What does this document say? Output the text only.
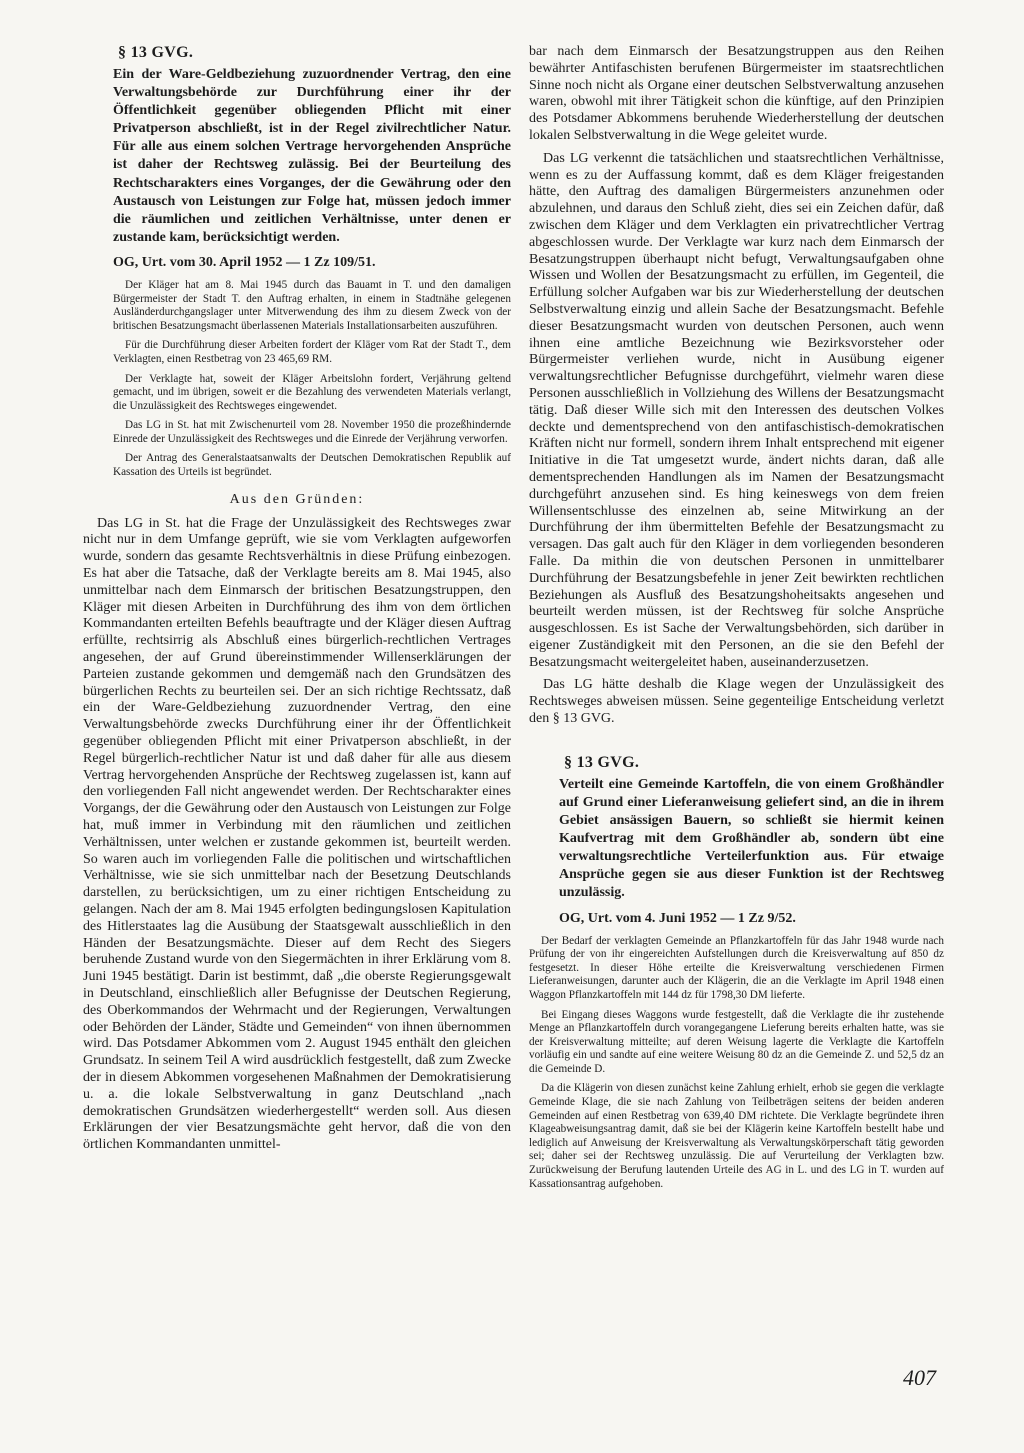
§ 13 GVG.
Ein der Ware-Geldbeziehung zuzuordnender Vertrag, den eine Verwaltungsbehörde zur Durchführung einer ihr der Öffentlichkeit gegenüber obliegenden Pflicht mit einer Privatperson abschließt, ist in der Regel zivilrechtlicher Natur. Für alle aus einem solchen Vertrage hervorgehenden Ansprüche ist daher der Rechtsweg zulässig. Bei der Beurteilung des Rechtscharakters eines Vorganges, der die Gewährung oder den Austausch von Leistungen zur Folge hat, müssen jedoch immer die räumlichen und zeitlichen Verhältnisse, unter denen er zustande kam, berücksichtigt werden.
OG, Urt. vom 30. April 1952 — 1 Zz 109/51.

Der Kläger hat am 8. Mai 1945 durch das Bauamt in T. und den damaligen Bürgermeister der Stadt T. den Auftrag erhalten, in einem in Stadtnähe gelegenen Ausländerdurchgangslager unter Mitverwendung des ihm zu diesem Zweck von der britischen Besatzungsmacht überlassenen Materials Installationsarbeiten auszuführen.

Für die Durchführung dieser Arbeiten fordert der Kläger vom Rat der Stadt T., dem Verklagten, einen Restbetrag von 23 465,69 RM.

Der Verklagte hat, soweit der Kläger Arbeitslohn fordert, Verjährung geltend gemacht, und im übrigen, soweit er die Bezahlung des verwendeten Materials verlangt, die Unzulässigkeit des Rechtsweges eingewendet.

Das LG in St. hat mit Zwischenurteil vom 28. November 1950 die prozeßhindernde Einrede der Unzulässigkeit des Rechtsweges und die Einrede der Verjährung verworfen.

Der Antrag des Generalstaatsanwalts der Deutschen Demokratischen Republik auf Kassation des Urteils ist begründet.

Aus den Gründen:

Das LG in St. hat die Frage der Unzulässigkeit des Rechtsweges zwar nicht nur in dem Umfange geprüft, wie sie vom Verklagten aufgeworfen wurde, sondern das gesamte Rechtsverhältnis in diese Prüfung einbezogen. Es hat aber die Tatsache, daß der Verklagte bereits am 8. Mai 1945, also unmittelbar nach dem Einmarsch der britischen Besatzungstruppen, den Kläger mit diesen Arbeiten in Durchführung des ihm von dem örtlichen Kommandanten erteilten Befehls beauftragte und der Kläger diesen Auftrag erfüllte, rechtsirrig als Abschluß eines bürgerlich-rechtlichen Vertrages angesehen, der auf Grund übereinstimmender Willenserklärungen der Parteien zustande gekommen und demgemäß nach den Grundsätzen des bürgerlichen Rechts zu beurteilen sei. Der an sich richtige Rechtssatz, daß ein der Ware-Geldbeziehung zuzuordnender Vertrag, den eine Verwaltungsbehörde zwecks Durchführung einer ihr der Öffentlichkeit gegenüber obliegenden Pflicht mit einer Privatperson abschließt, in der Regel bürgerlich-rechtlicher Natur ist und daß daher für alle aus diesem Vertrag hervorgehenden Ansprüche der Rechtsweg zugelassen ist, kann auf den vorliegenden Fall nicht angewendet werden. Der Rechtscharakter eines Vorgangs, der die Gewährung oder den Austausch von Leistungen zur Folge hat, muß immer in Verbindung mit den räumlichen und zeitlichen Verhältnissen, unter welchen er zustande gekommen ist, beurteilt werden. So waren auch im vorliegenden Falle die politischen und wirtschaftlichen Verhältnisse, wie sie sich unmittelbar nach der Besetzung Deutschlands darstellen, zu berücksichtigen, um zu einer richtigen Entscheidung zu gelangen. Nach der am 8. Mai 1945 erfolgten bedingungslosen Kapitulation des Hitlerstaates lag die Ausübung der Staatsgewalt ausschließlich in den Händen der Besatzungsmächte. Dieser auf dem Recht des Siegers beruhende Zustand wurde von den Siegermächten in ihrer Erklärung vom 8. Juni 1945 bestätigt. Darin ist bestimmt, daß „die oberste Regierungsgewalt in Deutschland, einschließlich aller Befugnisse der Deutschen Regierung, des Oberkommandos der Wehrmacht und der Regierungen, Verwaltungen oder Behörden der Länder, Städte und Gemeinden“ von ihnen übernommen wird. Das Potsdamer Abkommen vom 2. August 1945 enthält den gleichen Grundsatz. In seinem Teil A wird ausdrücklich festgestellt, daß zum Zwecke der in diesem Abkommen vorgesehenen Maßnahmen der Demokratisierung u. a. die lokale Selbstverwaltung in ganz Deutschland „nach demokratischen Grundsätzen wiederhergestellt“ werden soll. Aus diesen Erklärungen der vier Besatzungsmächte geht hervor, daß die von den örtlichen Kommandanten unmittel-

bar nach dem Einmarsch der Besatzungstruppen aus den Reihen bewährter Antifaschisten berufenen Bürgermeister im staatsrechtlichen Sinne noch nicht als Organe einer deutschen Selbstverwaltung anzusehen waren, obwohl mit ihrer Tätigkeit schon die künftige, auf den Prinzipien des Potsdamer Abkommens beruhende Wiederherstellung der deutschen lokalen Selbstverwaltung in die Wege geleitet wurde.

Das LG verkennt die tatsächlichen und staatsrechtlichen Verhältnisse, wenn es zu der Auffassung kommt, daß es dem Kläger freigestanden hätte, den Auftrag des damaligen Bürgermeisters anzunehmen oder abzulehnen, und daraus den Schluß zieht, dies sei ein Zeichen dafür, daß zwischen dem Kläger und dem Verklagten ein privatrechtlicher Vertrag abgeschlossen wurde. Der Verklagte war kurz nach dem Einmarsch der Besatzungstruppen überhaupt nicht befugt, Verwaltungsaufgaben ohne Wissen und Wollen der Besatzungsmacht zu erfüllen, im Gegenteil, die Erfüllung solcher Aufgaben war bis zur Wiederherstellung der deutschen Selbstverwaltung einzig und allein Sache der Besatzungsmacht. Befehle dieser Besatzungsmacht wurden von deutschen Personen, auch wenn ihnen eine amtliche Bezeichnung wie Bezirksvorsteher oder Bürgermeister verliehen wurde, nicht in Ausübung eigener verwaltungsrechtlicher Befugnisse durchgeführt, vielmehr waren diese Personen ausschließlich in Vollziehung des Willens der Besatzungsmacht tätig. Daß dieser Wille sich mit den Interessen des deutschen Volkes deckte und dementsprechend von den antifaschistisch-demokratischen Kräften nicht nur formell, sondern ihrem Inhalt entsprechend mit eigener Initiative in die Tat umgesetzt wurde, ändert nichts daran, daß alle dementsprechenden Handlungen als im Namen der Besatzungsmacht durchgeführt anzusehen sind. Es hing keineswegs von dem freien Willensentschlusse des einzelnen ab, seine Mitwirkung an der Durchführung der ihm übermittelten Befehle der Besatzungsmacht zu versagen. Das galt auch für den Kläger in dem vorliegenden besonderen Falle. Da mithin die von deutschen Personen in unmittelbarer Durchführung der Besatzungsbefehle in jener Zeit bewirkten rechtlichen Beziehungen als Ausfluß des Besatzungshoheitsakts angesehen und beurteilt werden müssen, ist der Rechtsweg für solche Ansprüche ausgeschlossen. Es ist Sache der Verwaltungsbehörden, sich darüber in eigener Zuständigkeit mit den Personen, an die sie den Befehl der Besatzungsmacht weitergeleitet haben, auseinanderzusetzen.

Das LG hätte deshalb die Klage wegen der Unzulässigkeit des Rechtsweges abweisen müssen. Seine gegenteilige Entscheidung verletzt den § 13 GVG.

§ 13 GVG.
Verteilt eine Gemeinde Kartoffeln, die von einem Großhändler auf Grund einer Lieferanweisung geliefert sind, an die in ihrem Gebiet ansässigen Bauern, so schließt sie hiermit keinen Kaufvertrag mit dem Großhändler ab, sondern übt eine verwaltungsrechtliche Verteilerfunktion aus. Für etwaige Ansprüche gegen sie aus dieser Funktion ist der Rechtsweg unzulässig.
OG, Urt. vom 4. Juni 1952 — 1 Zz 9/52.

Der Bedarf der verklagten Gemeinde an Pflanzkartoffeln für das Jahr 1948 wurde nach Prüfung der von ihr eingereichten Aufstellungen durch die Kreisverwaltung auf 850 dz festgesetzt. In dieser Höhe erteilte die Kreisverwaltung verschiedenen Firmen Lieferanweisungen, darunter auch der Klägerin, die an die Verklagte im April 1948 einen Waggon Pflanzkartoffeln mit 144 dz für 1798,30 DM lieferte.

Bei Eingang dieses Waggons wurde festgestellt, daß die Verklagte die ihr zustehende Menge an Pflanzkartoffeln durch vorangegangene Lieferung bereits erhalten hatte, was sie der Kreisverwaltung mitteilte; auf deren Weisung lagerte die Verklagte die Kartoffeln vorläufig ein und sandte auf eine weitere Weisung 80 dz an die Gemeinde Z. und 52,5 dz an die Gemeinde D.

Da die Klägerin von diesen zunächst keine Zahlung erhielt, erhob sie gegen die verklagte Gemeinde Klage, die sie nach Zahlung von Teilbeträgen seitens der beiden anderen Gemeinden auf einen Restbetrag von 639,40 DM richtete. Die Verklagte begründete ihren Klageabweisungsantrag damit, daß sie bei der Klägerin keine Kartoffeln bestellt habe und lediglich auf Anweisung der Kreisverwaltung als Verwaltungskörperschaft tätig geworden sei; daher sei der Rechtsweg unzulässig. Die auf Verurteilung der Verklagten bzw. Zurückweisung der Berufung lautenden Urteile des AG in L. und des LG in T. wurden auf Kassationsantrag aufgehoben.

407
